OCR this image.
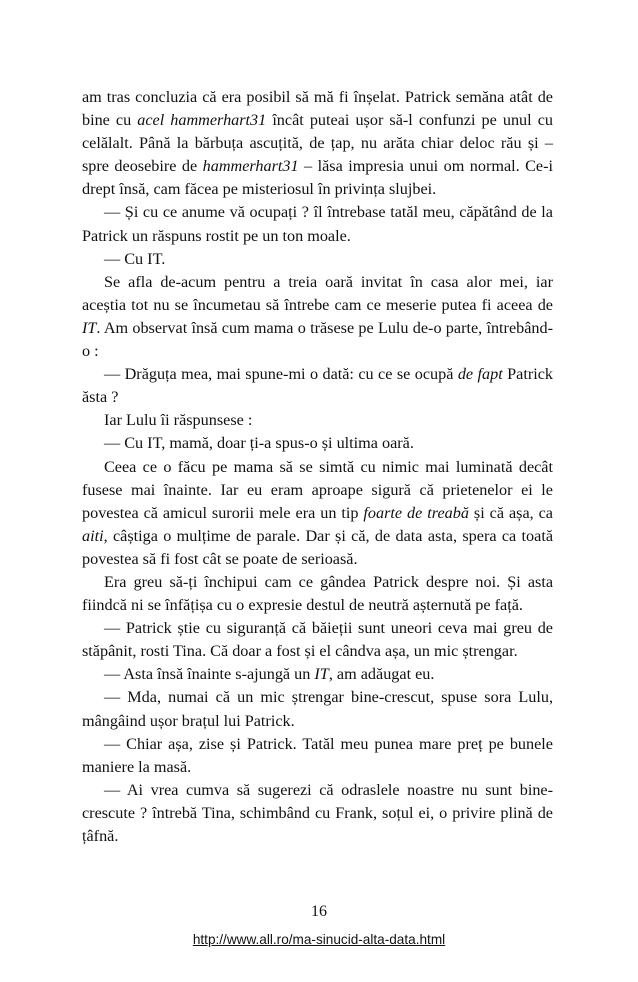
am tras concluzia că era posibil să mă fi înșelat. Patrick semăna atât de bine cu acel hammerhart31 încât puteai ușor să-l confunzi pe unul cu celălalt. Până la bărbuța ascuțită, de țap, nu arăta chiar deloc rău și – spre deosebire de hammerhart31 – lăsa impresia unui om normal. Ce-i drept însă, cam făcea pe misteriosul în privința slujbei.

— Și cu ce anume vă ocupați ? îl întrebase tatăl meu, căpătând de la Patrick un răspuns rostit pe un ton moale.

— Cu IT.

Se afla de-acum pentru a treia oară invitat în casa alor mei, iar aceștia tot nu se încumetau să întrebe cam ce meserie putea fi aceea de IT. Am observat însă cum mama o trăsese pe Lulu de-o parte, întrebând-o :

— Drăguța mea, mai spune-mi o dată: cu ce se ocupă de fapt Patrick ăsta ?

Iar Lulu îi răspunsese :

— Cu IT, mamă, doar ți-a spus-o și ultima oară.

Ceea ce o făcu pe mama să se simtă cu nimic mai luminată decât fusese mai înainte. Iar eu eram aproape sigură că prietenelor ei le povestea că amicul surorii mele era un tip foarte de treabă și că așa, ca aiti, câștiga o mulțime de parale. Dar și că, de data asta, spera ca toată povestea să fi fost cât se poate de serioasă.

Era greu să-ți închipui cam ce gândea Patrick despre noi. Și asta fiindcă ni se înfățișa cu o expresie destul de neutră așternută pe față.

— Patrick știe cu siguranță că băieții sunt uneori ceva mai greu de stăpânit, rosti Tina. Că doar a fost și el cândva așa, un mic ștrengar.

— Asta însă înainte s-ajungă un IT, am adăugat eu.

— Mda, numai că un mic ștrengar bine-crescut, spuse sora Lulu, mângâind ușor brațul lui Patrick.

— Chiar așa, zise și Patrick. Tatăl meu punea mare preț pe bunele maniere la masă.

— Ai vrea cumva să sugerezi că odraslele noastre nu sunt bine-crescute ? întrebă Tina, schimbând cu Frank, soțul ei, o privire plină de țâfnă.

16
http://www.all.ro/ma-sinucid-alta-data.html
